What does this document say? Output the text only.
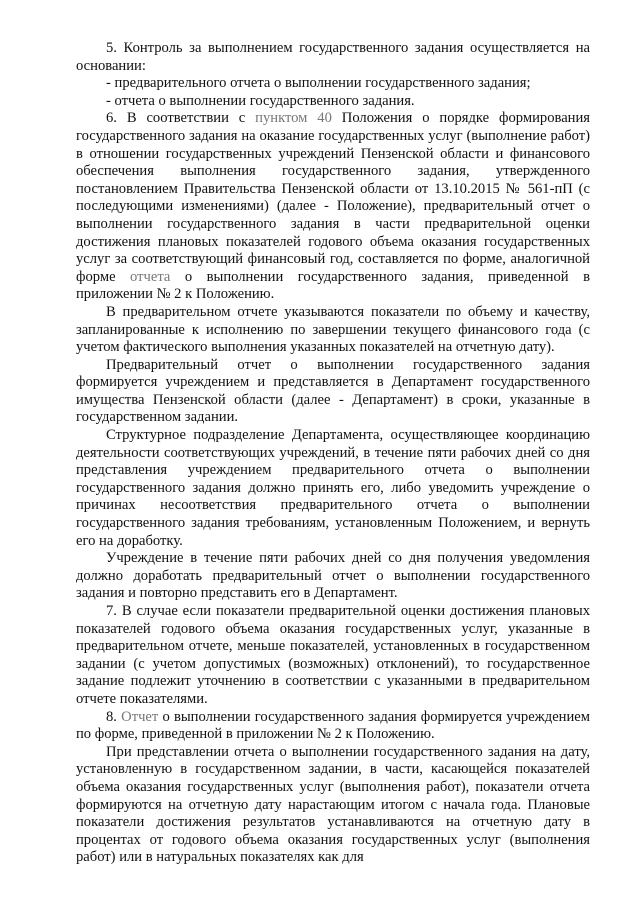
5. Контроль за выполнением государственного задания осуществляется на основании:

- предварительного отчета о выполнении государственного задания;

- отчета о выполнении государственного задания.

6. В соответствии с пунктом 40 Положения о порядке формирования государственного задания на оказание государственных услуг (выполнение работ) в отношении государственных учреждений Пензенской области и финансового обеспечения выполнения государственного задания, утвержденного постановлением Правительства Пензенской области от 13.10.2015 № 561-пП (с последующими изменениями) (далее - Положение), предварительный отчет о выполнении государственного задания в части предварительной оценки достижения плановых показателей годового объема оказания государственных услуг за соответствующий финансовый год, составляется по форме, аналогичной форме отчета о выполнении государственного задания, приведенной в приложении № 2 к Положению.

В предварительном отчете указываются показатели по объему и качеству, запланированные к исполнению по завершении текущего финансового года (с учетом фактического выполнения указанных показателей на отчетную дату).

Предварительный отчет о выполнении государственного задания формируется учреждением и представляется в Департамент государственного имущества Пензенской области (далее - Департамент) в сроки, указанные в государственном задании.

Структурное подразделение Департамента, осуществляющее координацию деятельности соответствующих учреждений, в течение пяти рабочих дней со дня представления учреждением предварительного отчета о выполнении государственного задания должно принять его, либо уведомить учреждение о причинах несоответствия предварительного отчета о выполнении государственного задания требованиям, установленным Положением, и вернуть его на доработку.

Учреждение в течение пяти рабочих дней со дня получения уведомления должно доработать предварительный отчет о выполнении государственного задания и повторно представить его в Департамент.

7. В случае если показатели предварительной оценки достижения плановых показателей годового объема оказания государственных услуг, указанные в предварительном отчете, меньше показателей, установленных в государственном задании (с учетом допустимых (возможных) отклонений), то государственное задание подлежит уточнению в соответствии с указанными в предварительном отчете показателями.

8. Отчет о выполнении государственного задания формируется учреждением по форме, приведенной в приложении № 2 к Положению.

При представлении отчета о выполнении государственного задания на дату, установленную в государственном задании, в части, касающейся показателей объема оказания государственных услуг (выполнения работ), показатели отчета формируются на отчетную дату нарастающим итогом с начала года. Плановые показатели достижения результатов устанавливаются на отчетную дату в процентах от годового объема оказания государственных услуг (выполнения работ) или в натуральных показателях как для
